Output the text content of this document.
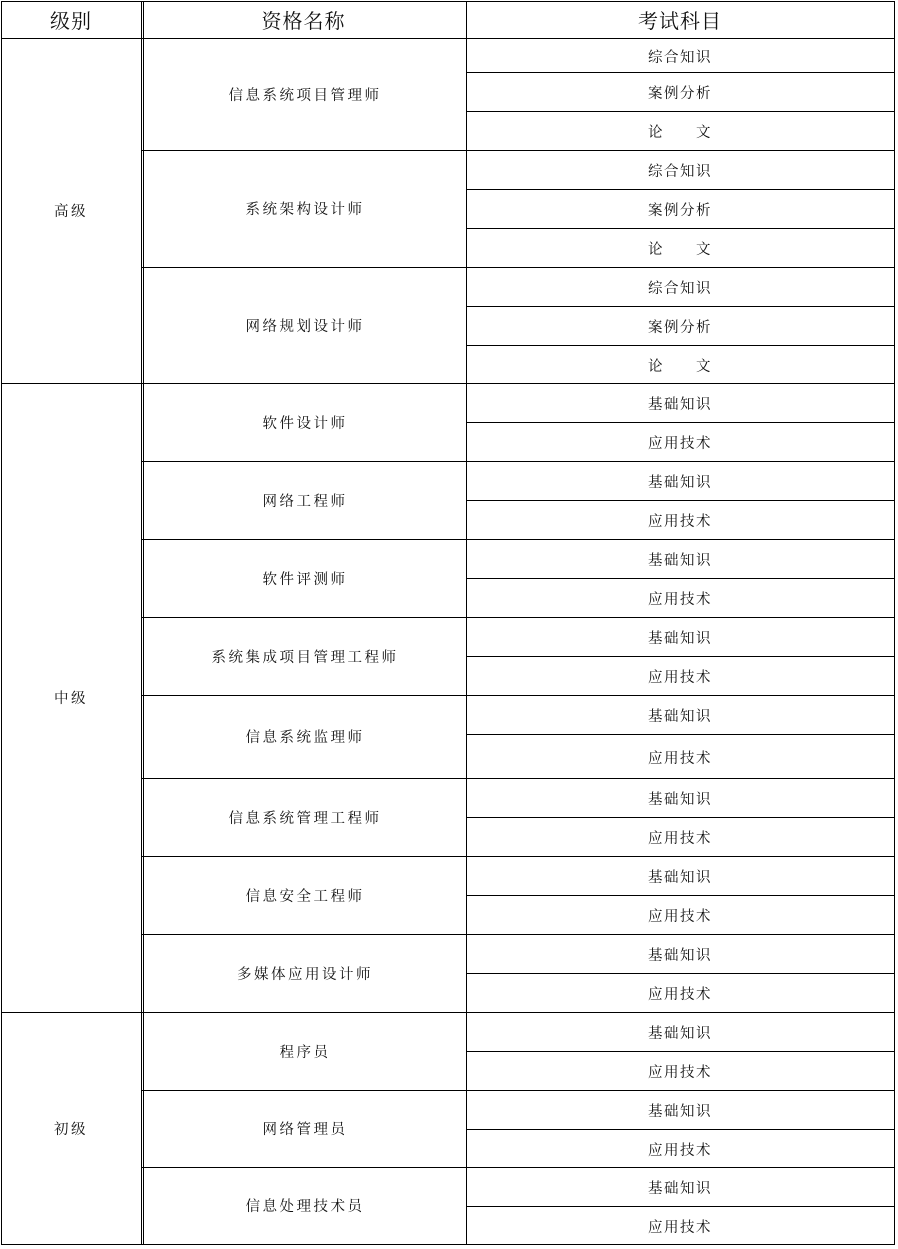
级别	资格名称	考试科目
综合知识
案例分析
论　　文
信息系统项目管理师
综合知识
案例分析
论　　文
系统架构设计师
综合知识
案例分析
论　　文
网络规划设计师
高级
基础知识
应用技术
软件设计师
基础知识
应用技术
网络工程师
基础知识
应用技术
软件评测师
基础知识
应用技术
系统集成项目管理工程师
基础知识
应用技术
信息系统监理师
基础知识
应用技术
信息系统管理工程师
基础知识
应用技术
信息安全工程师
基础知识
应用技术
多媒体应用设计师
中级
基础知识
应用技术
程序员
基础知识
应用技术
网络管理员
基础知识
应用技术
信息处理技术员
初级
